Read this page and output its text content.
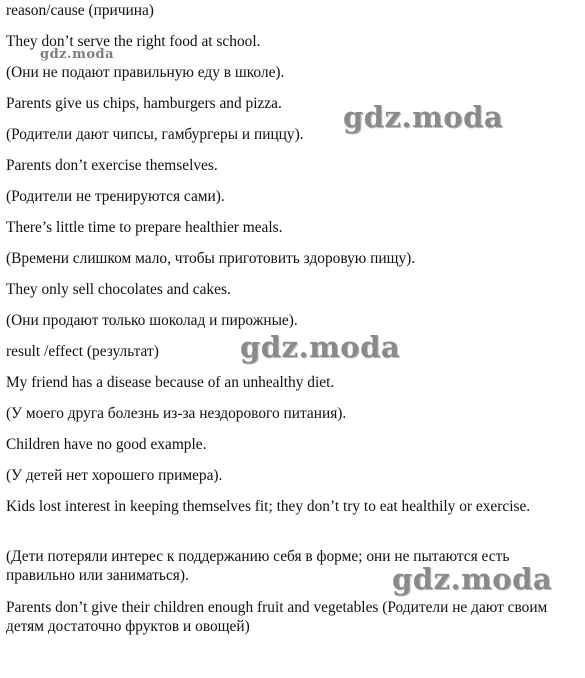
reason/cause (причина)
They don’t serve the right food at school.
(Они не подают правильную еду в школе).
Parents give us chips, hamburgers and pizza.
(Родители дают чипсы, гамбургеры и пиццу).
Parents don’t exercise themselves.
(Родители не тренируются сами).
There’s little time to prepare healthier meals.
(Времени слишком мало, чтобы приготовить здоровую пищу).
They only sell chocolates and cakes.
(Они продают только шоколад и пирожные).
result /effect (результат)
My friend has a disease because of an unhealthy diet.
(У моего друга болезнь из-за нездорового питания).
Children have no good example.
(У детей нет хорошего примера).
Kids lost interest in keeping themselves fit; they don’t try to eat healthily or exercise.
(Дети потеряли интерес к поддержанию себя в форме; они не пытаются есть правильно или заниматься).
Parents don’t give their children enough fruit and vegetables (Родители не дают своим детям достаточно фруктов и овощей)
gdz.moda
gdz.moda
gdz.moda
gdz.moda
